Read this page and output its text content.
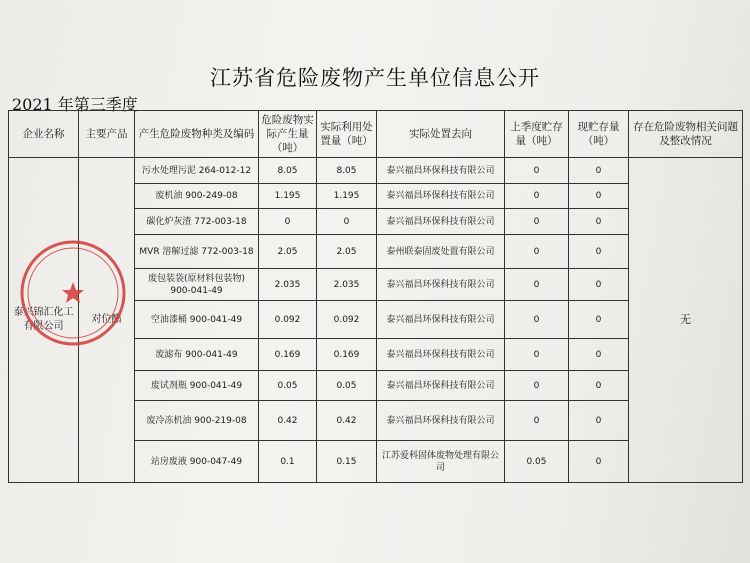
江苏省危险废物产生单位信息公开
2021 年第三季度
企业名称	主要产品	产生危险废物种类及编码	危险废物实际产生量（吨）	实际利用处置量（吨）	实际处置去向	上季度贮存量（吨）	现贮存量（吨）	存在危险废物相关问题及整改情况
泰兴锦汇化工有限公司	对位酯	污水处理污泥 264-012-12	8.05	8.05	泰兴福昌环保科技有限公司	0	0	无
		废机油 900-249-08	1.195	1.195	泰兴福昌环保科技有限公司	0	0	
		碳化炉灰渣 772-003-18	0	0	泰兴福昌环保科技有限公司	0	0	
		MVR 溶解过滤 772-003-18	2.05	2.05	泰州联泰固废处置有限公司	0	0	
		废包装袋(原材料包装物) 900-041-49	2.035	2.035	泰兴福昌环保科技有限公司	0	0	
		空油漆桶 900-041-49	0.092	0.092	泰兴福昌环保科技有限公司	0	0	
		废滤布 900-041-49	0.169	0.169	泰兴福昌环保科技有限公司	0	0	
		废试剂瓶 900-041-49	0.05	0.05	泰兴福昌环保科技有限公司	0	0	
		废冷冻机油 900-219-08	0.42	0.42	泰兴福昌环保科技有限公司	0	0	
		站房废液 900-047-49	0.1	0.15	江苏爱科固体废物处理有限公司	0.05	0	
